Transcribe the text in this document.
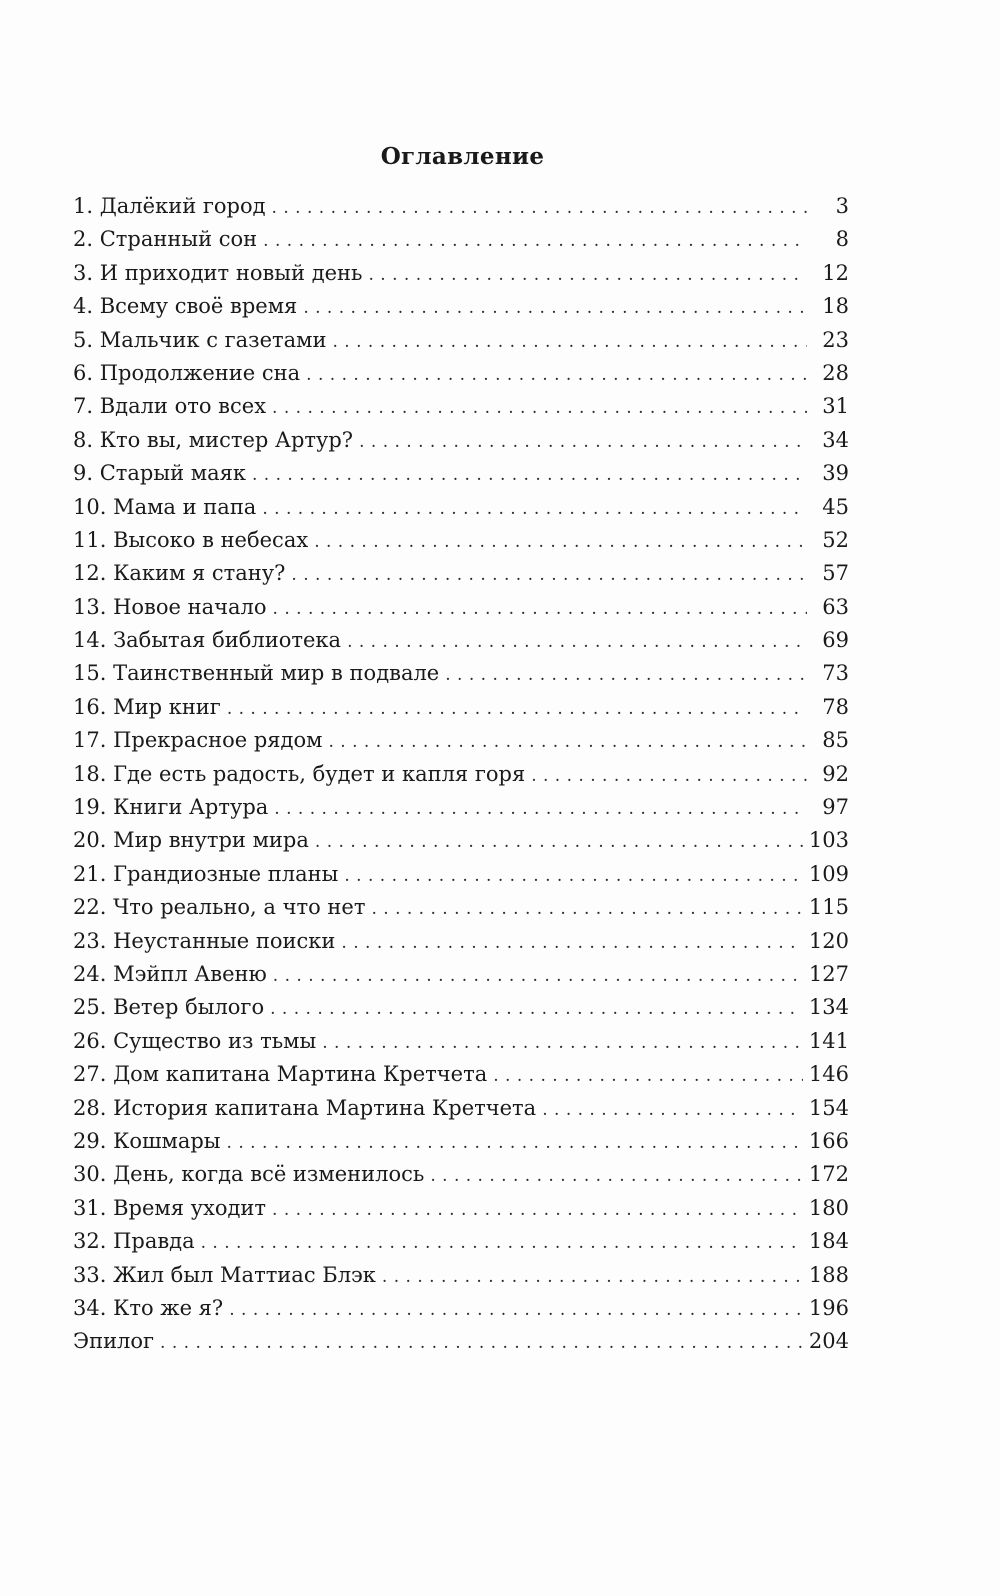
Оглавление
1. Далёкий город . . .	3
2. Странный сон . . .	8
3. И приходит новый день . . .	12
4. Всему своё время . . .	18
5. Мальчик с газетами . . .	23
6. Продолжение сна . . .	28
7. Вдали ото всех . . .	31
8. Кто вы, мистер Артур? . . .	34
9. Старый маяк . . .	39
10. Мама и папа . . .	45
11. Высоко в небесах . . .	52
12. Каким я стану? . . .	57
13. Новое начало . . .	63
14. Забытая библиотека . . .	69
15. Таинственный мир в подвале . . .	73
16. Мир книг . . .	78
17. Прекрасное рядом . . .	85
18. Где есть радость, будет и капля горя . . .	92
19. Книги Артура . . .	97
20. Мир внутри мира . . .	103
21. Грандиозные планы . . .	109
22. Что реально, а что нет . . .	115
23. Неустанные поиски . . .	120
24. Мэйпл Авеню . . .	127
25. Ветер былого . . .	134
26. Существо из тьмы . . .	141
27. Дом капитана Мартина Кретчета . . .	146
28. История капитана Мартина Кретчета . . .	154
29. Кошмары . . .	166
30. День, когда всё изменилось . . .	172
31. Время уходит . . .	180
32. Правда . . .	184
33. Жил был Маттиас Блэк . . .	188
34. Кто же я? . . .	196
Эпилог . . .	204
